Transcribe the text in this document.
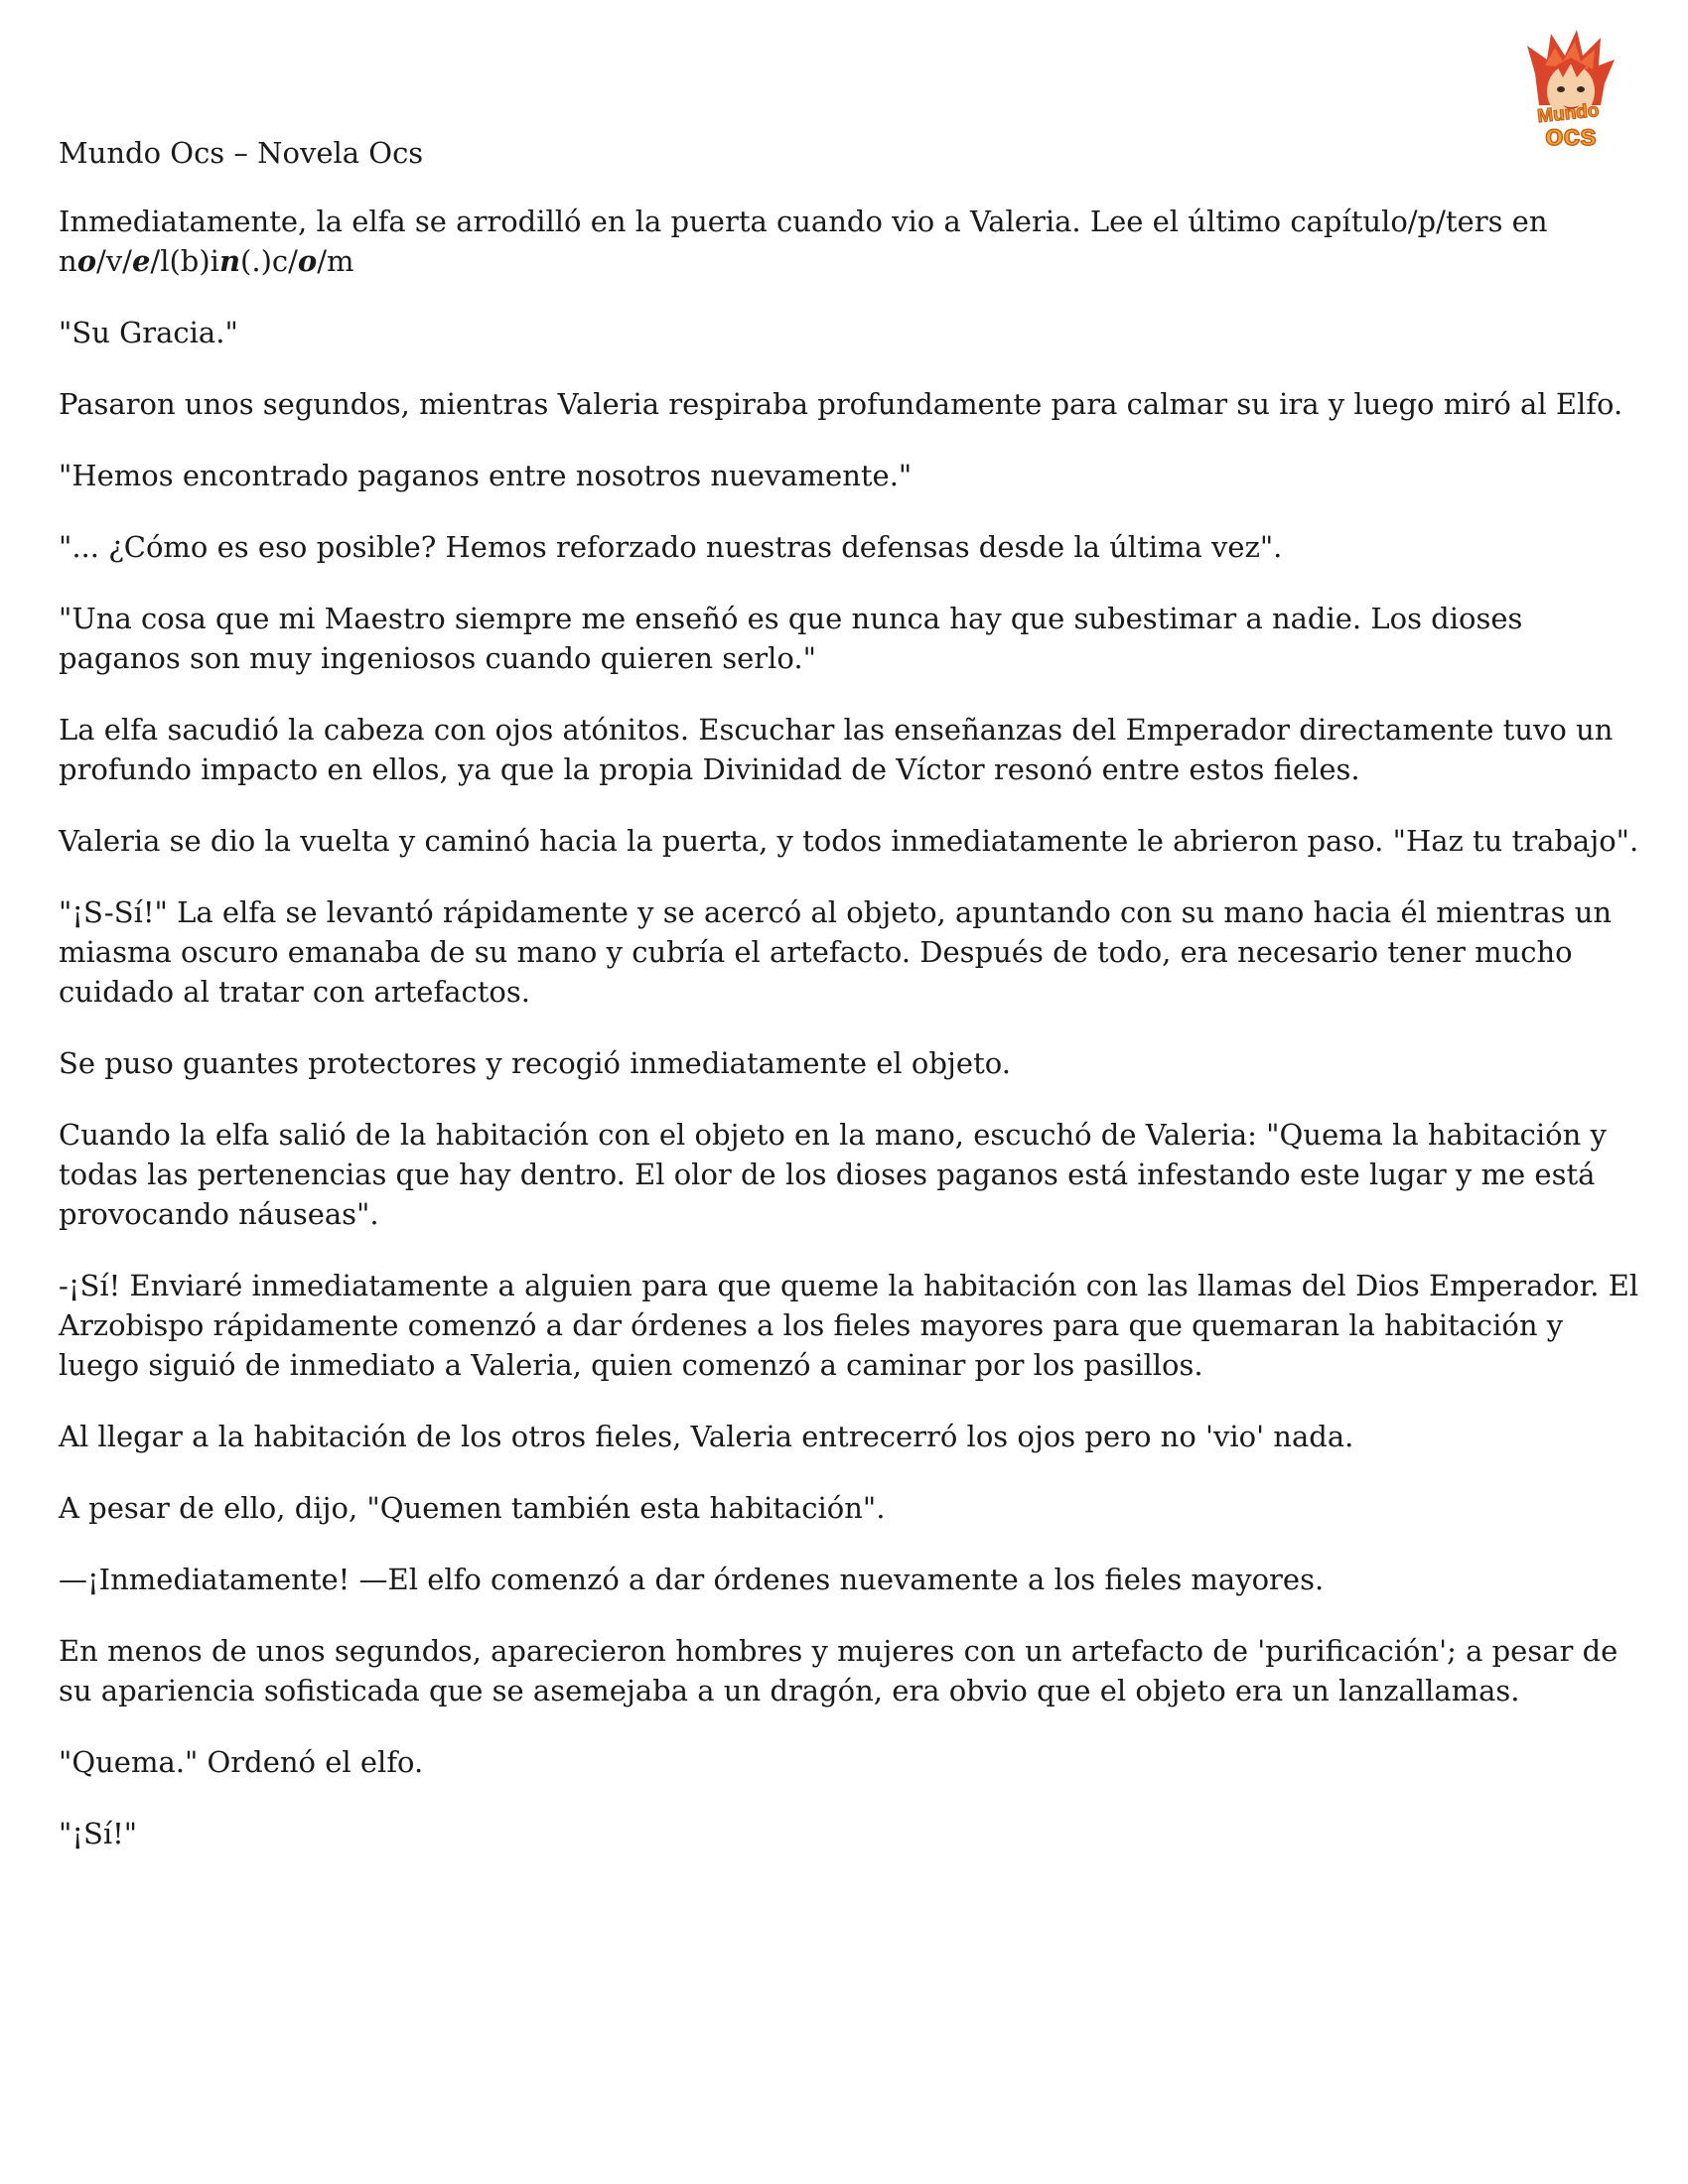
Mundo
ocs
Mundo Ocs – Novela Ocs

Inmediatamente, la elfa se arrodilló en la puerta cuando vio a Valeria. Lee el último capítulo/p/ters en
no/v/e/l(b)in(.)c/o/m

"Su Gracia."

Pasaron unos segundos, mientras Valeria respiraba profundamente para calmar su ira y luego miró al Elfo.

"Hemos encontrado paganos entre nosotros nuevamente."

"... ¿Cómo es eso posible? Hemos reforzado nuestras defensas desde la última vez".

"Una cosa que mi Maestro siempre me enseñó es que nunca hay que subestimar a nadie. Los dioses paganos son muy ingeniosos cuando quieren serlo."

La elfa sacudió la cabeza con ojos atónitos. Escuchar las enseñanzas del Emperador directamente tuvo un profundo impacto en ellos, ya que la propia Divinidad de Víctor resonó entre estos fieles.

Valeria se dio la vuelta y caminó hacia la puerta, y todos inmediatamente le abrieron paso. "Haz tu trabajo".

"¡S-Sí!" La elfa se levantó rápidamente y se acercó al objeto, apuntando con su mano hacia él mientras un miasma oscuro emanaba de su mano y cubría el artefacto. Después de todo, era necesario tener mucho cuidado al tratar con artefactos.

Se puso guantes protectores y recogió inmediatamente el objeto.

Cuando la elfa salió de la habitación con el objeto en la mano, escuchó de Valeria: "Quema la habitación y todas las pertenencias que hay dentro. El olor de los dioses paganos está infestando este lugar y me está provocando náuseas".

-¡Sí! Enviaré inmediatamente a alguien para que queme la habitación con las llamas del Dios Emperador. El Arzobispo rápidamente comenzó a dar órdenes a los fieles mayores para que quemaran la habitación y luego siguió de inmediato a Valeria, quien comenzó a caminar por los pasillos.

Al llegar a la habitación de los otros fieles, Valeria entrecerró los ojos pero no 'vio' nada.

A pesar de ello, dijo, "Quemen también esta habitación".

—¡Inmediatamente! —El elfo comenzó a dar órdenes nuevamente a los fieles mayores.

En menos de unos segundos, aparecieron hombres y mujeres con un artefacto de 'purificación'; a pesar de su apariencia sofisticada que se asemejaba a un dragón, era obvio que el objeto era un lanzallamas.

"Quema." Ordenó el elfo.

"¡Sí!"
